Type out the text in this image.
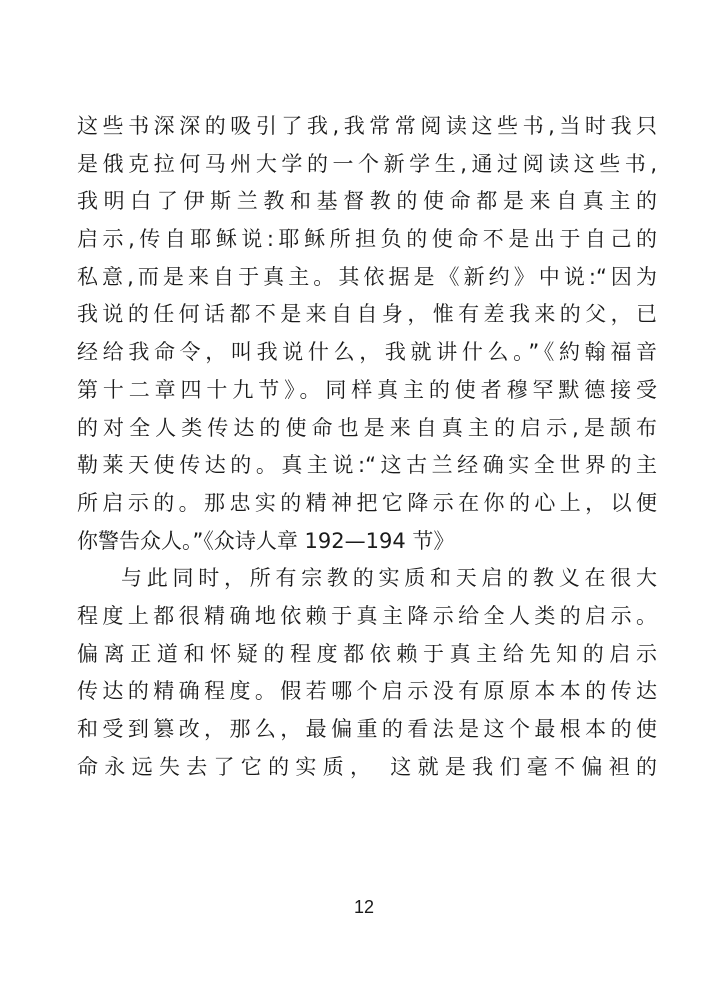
这些书深深的吸引了我,我常常阅读这些书,当时我只
是俄克拉何马州大学的一个新学生,通过阅读这些书,
我明白了伊斯兰教和基督教的使命都是来自真主的
启示,传自耶稣说:耶稣所担负的使命不是出于自己的
私意,而是来自于真主。其依据是《新约》中说:“因为
我说的任何话都不是来自自身，惟有差我来的父，已
经给我命令，叫我说什么，我就讲什么。”《約翰福音
第十二章四十九节》。同样真主的使者穆罕默德接受
的对全人类传达的使命也是来自真主的启示,是颉布
勒莱天使传达的。真主说:“这古兰经确实全世界的主
所启示的。那忠实的精神把它降示在你的心上，以便
你警告众人。”《众诗人章 192—194 节》
与此同时，所有宗教的实质和天启的教义在很大
程度上都很精确地依赖于真主降示给全人类的启示。
偏离正道和怀疑的程度都依赖于真主给先知的启示
传达的精确程度。假若哪个启示没有原原本本的传达
和受到篡改，那么，最偏重的看法是这个最根本的使
命永远失去了它的实质， 这就是我们毫不偏袒的
12
